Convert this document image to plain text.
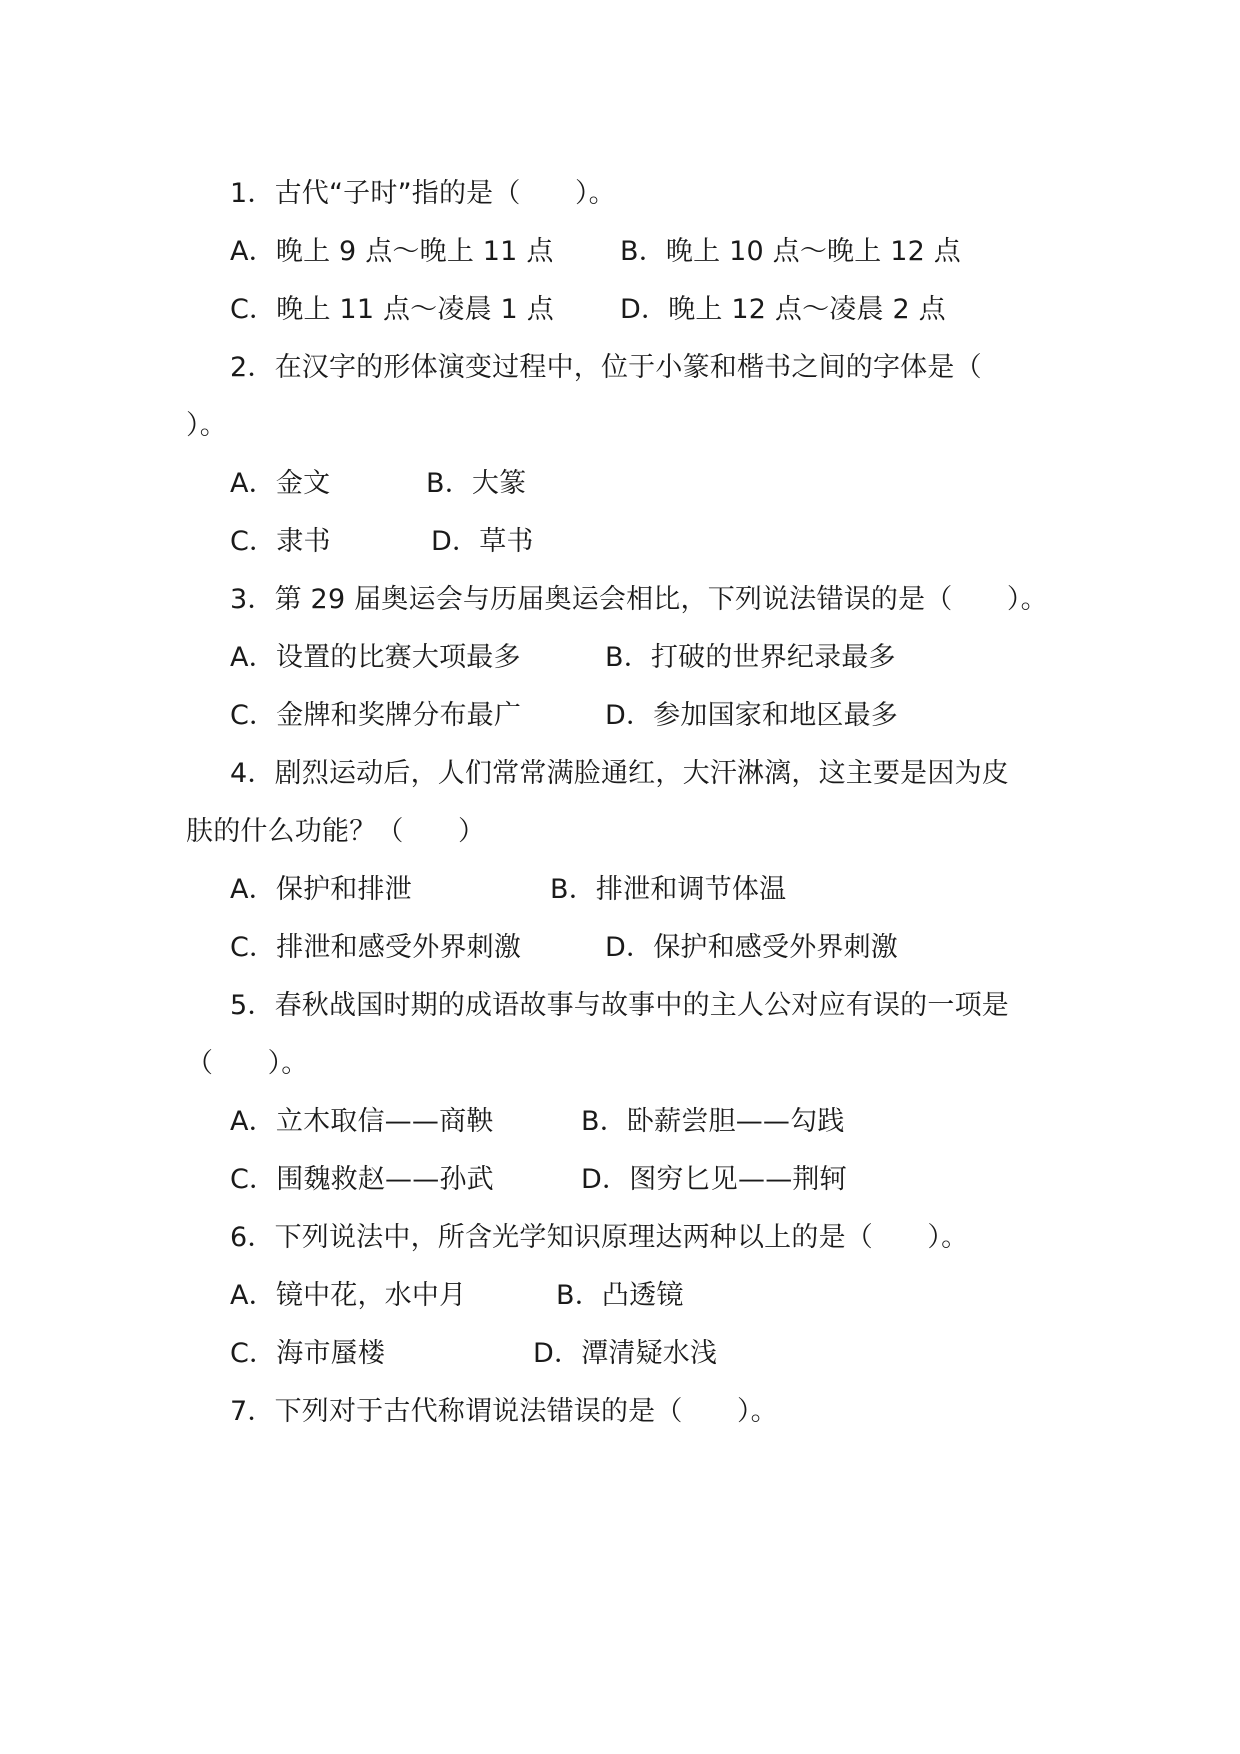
1．古代“子时”指的是（　　）。
A．晚上 9 点～晚上 11 点 B．晚上 10 点～晚上 12 点
C．晚上 11 点～凌晨 1 点 D．晚上 12 点～凌晨 2 点
2．在汉字的形体演变过程中，位于小篆和楷书之间的字体是（
）。
A．金文	B．大篆
C．隶书	D．草书
3．第 29 届奥运会与历届奥运会相比，下列说法错误的是（　　）。
A．设置的比赛大项最多	B．打破的世界纪录最多
C．金牌和奖牌分布最广	D．参加国家和地区最多
4．剧烈运动后，人们常常满脸通红，大汗淋漓，这主要是因为皮
肤的什么功能？（　　）
A．保护和排泄	B．排泄和调节体温
C．排泄和感受外界刺激	D．保护和感受外界刺激
5．春秋战国时期的成语故事与故事中的主人公对应有误的一项是
（　　）。
A．立木取信——商鞅	B．卧薪尝胆——勾践
C．围魏救赵——孙武	D．图穷匕见——荆轲
6．下列说法中，所含光学知识原理达两种以上的是（　　）。
A．镜中花，水中月	B．凸透镜
C．海市蜃楼	D．潭清疑水浅
7．下列对于古代称谓说法错误的是（　　）。
